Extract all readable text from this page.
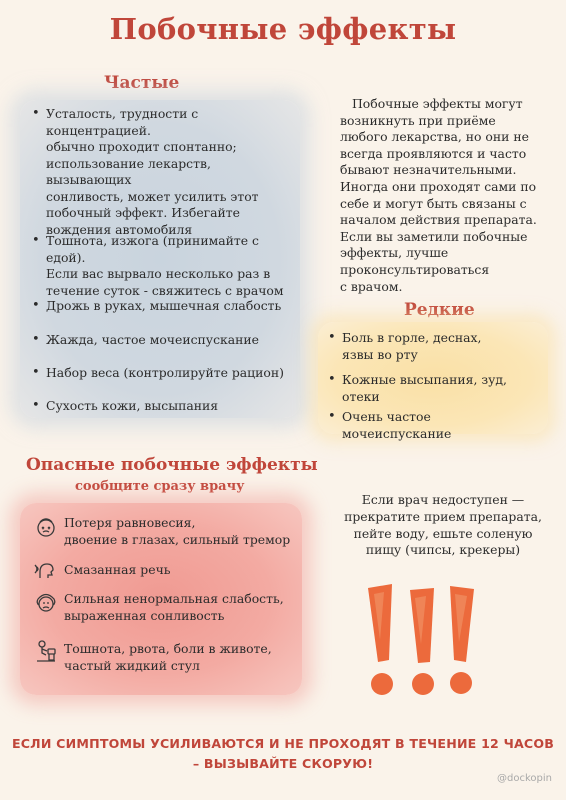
Побочные эффекты
Частые
• Усталость, трудности с
концентрацией.
обычно проходит спонтанно;
использование лекарств, вызывающих
сонливость, может усилить этот
побочный эффект. Избегайте
вождения автомобиля
• Тошнота, изжога (принимайте с едой).
Если вас вырвало несколько раз в
течение суток - свяжитесь с врачом
• Дрожь в руках, мышечная слабость
• Жажда, частое мочеиспускание
• Набор веса (контролируйте рацион)
• Сухость кожи, высыпания
Побочные эффекты могут
возникнуть при приёме
любого лекарства, но они не
всегда проявляются и часто
бывают незначительными.
Иногда они проходят сами по
себе и могут быть связаны с
началом действия препарата.
Если вы заметили побочные
эффекты, лучше
проконсультироваться
с врачом.
Редкие
• Боль в горле, деснах,
язвы во рту
• Кожные высыпания, зуд,
отеки
• Очень частое мочеиспускание
Опасные побочные эффекты
сообщите сразу врачу
Потеря равновесия,
двоение в глазах, сильный тремор
Смазанная речь
Сильная ненормальная слабость,
выраженная сонливость
Тошнота, рвота, боли в животе,
частый жидкий стул
Если врач недоступен —
прекратите прием препарата,
пейте воду, ешьте соленую
пищу (чипсы, крекеры)
ЕСЛИ СИМПТОМЫ УСИЛИВАЮТСЯ И НЕ ПРОХОДЯТ В ТЕЧЕНИЕ 12 ЧАСОВ
– ВЫЗЫВАЙТЕ СКОРУЮ!
@dockopin
